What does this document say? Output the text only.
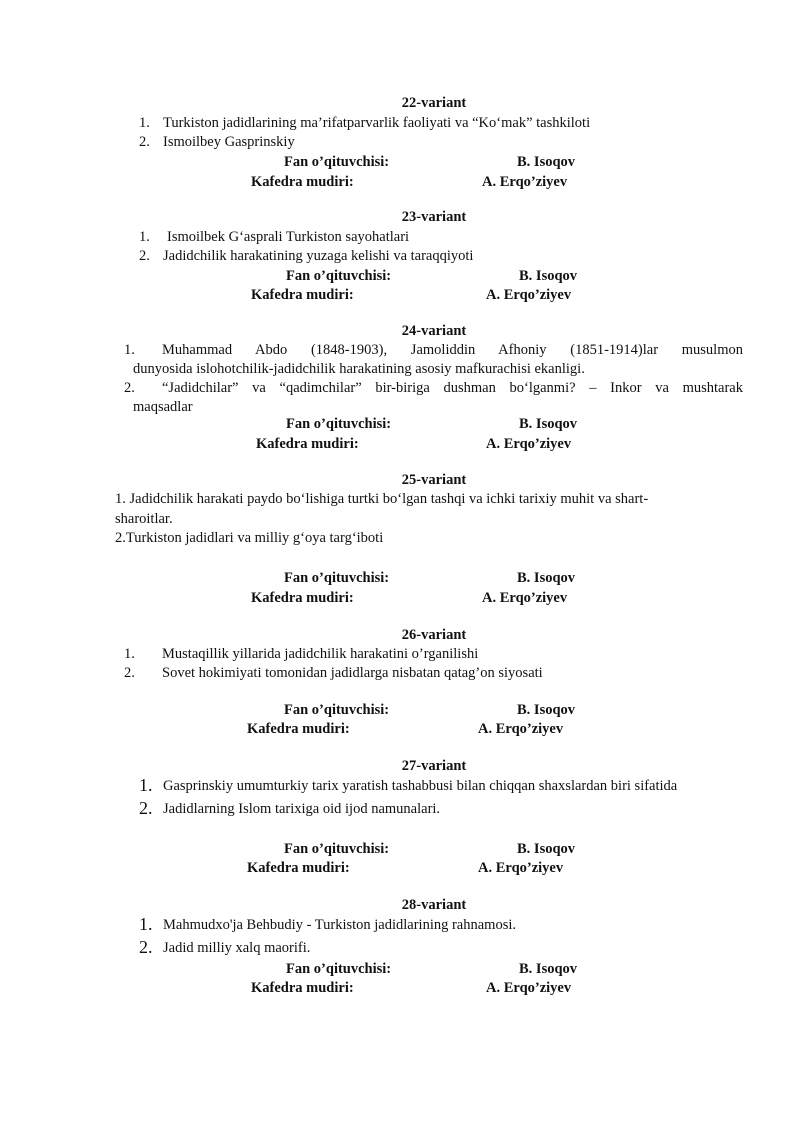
22-variant
1. Turkiston jadidlarining ma’rifatparvarlik faoliyati va “Ko‘mak” tashkiloti
2. Ismoilbey Gasprinskiy
Fan o’qituvchisi:	B. Isoqov
Kafedra mudiri:	A. Erqo’ziyev
23-variant
1. Ismoilbek G‘asprali Turkiston sayohatlari
2. Jadidchilik harakatining yuzaga kelishi va taraqqiyoti
Fan o’qituvchisi:	B. Isoqov
Kafedra mudiri:	A. Erqo’ziyev
24-variant
1. Muhammad Abdo (1848-1903), Jamoliddin Afhoniy (1851-1914)lar musulmon
dunyosida islohotchilik-jadidchilik harakatining asosiy mafkurachisi ekanligi.
2. “Jadidchilar” va “qadimchilar” bir-biriga dushman bo‘lganmi? – Inkor va mushtarak
maqsadlar
Fan o’qituvchisi:	B. Isoqov
Kafedra mudiri:	A. Erqo’ziyev
25-variant
1. Jadidchilik harakati paydo bo‘lishiga turtki bo‘lgan tashqi va ichki tarixiy muhit va shart-
sharoitlar.
2.Turkiston jadidlari va milliy g‘oya targ‘iboti
Fan o’qituvchisi:	B. Isoqov
Kafedra mudiri:	A. Erqo’ziyev
26-variant
1. Mustaqillik yillarida jadidchilik harakatini o’rganilishi
2. Sovet hokimiyati tomonidan jadidlarga nisbatan qatag’on siyosati
Fan o’qituvchisi:	B. Isoqov
Kafedra mudiri:	A. Erqo’ziyev
27-variant
1. Gasprinskiy umumturkiy tarix yaratish tashabbusi bilan chiqqan shaxslardan biri sifatida
2. Jadidlarning Islom tarixiga oid ijod namunalari.
Fan o’qituvchisi:	B. Isoqov
Kafedra mudiri:	A. Erqo’ziyev
28-variant
1. Mahmudxo'ja Behbudiy - Turkiston jadidlarining rahnamosi.
2. Jadid milliy xalq maorifi.
Fan o’qituvchisi:	B. Isoqov
Kafedra mudiri:	A. Erqo’ziyev
